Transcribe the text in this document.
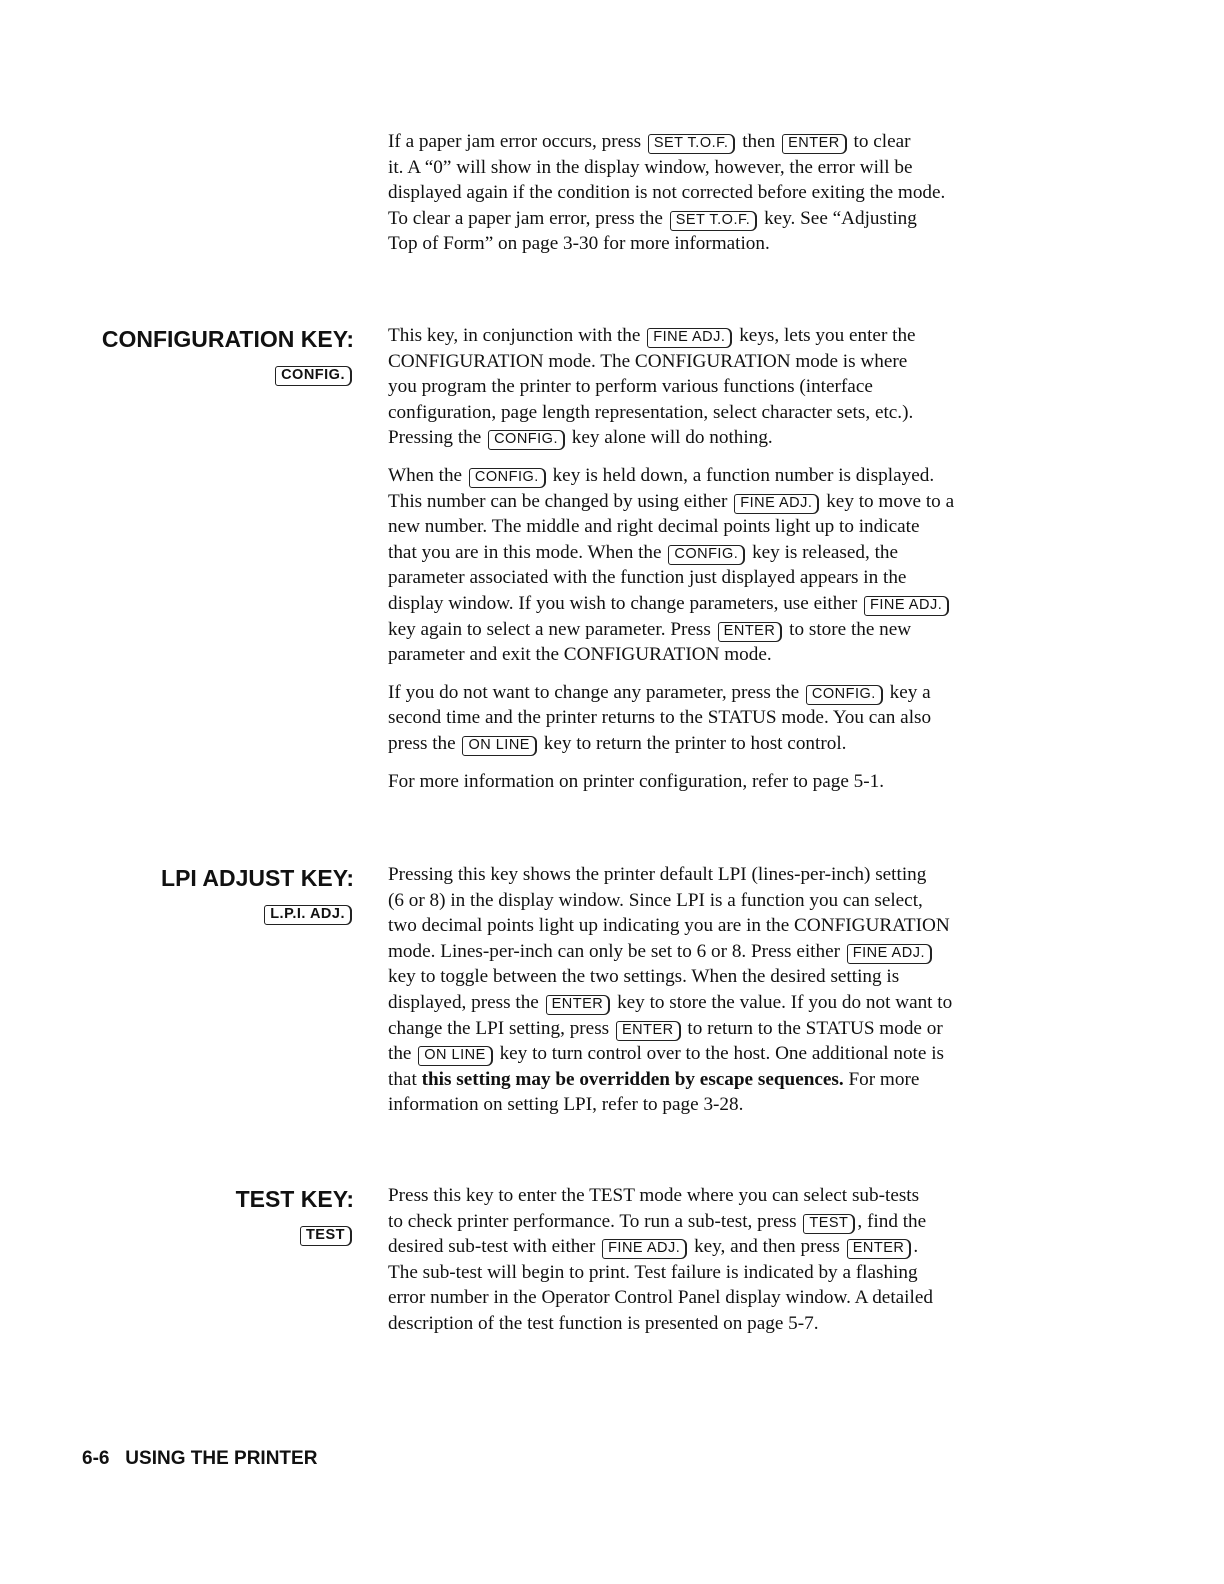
If a paper jam error occurs, press SET T.O.F. then ENTER to clear
it. A “0” will show in the display window, however, the error will be
displayed again if the condition is not corrected before exiting the mode.
To clear a paper jam error, press the SET T.O.F. key. See “Adjusting
Top of Form” on page 3-30 for more information.
CONFIGURATION KEY:
CONFIG.

This key, in conjunction with the FINE ADJ. keys, lets you enter the
CONFIGURATION mode. The CONFIGURATION mode is where
you program the printer to perform various functions (interface
configuration, page length representation, select character sets, etc.).
Pressing the CONFIG. key alone will do nothing.

When the CONFIG. key is held down, a function number is displayed.
This number can be changed by using either FINE ADJ. key to move to a
new number. The middle and right decimal points light up to indicate
that you are in this mode. When the CONFIG. key is released, the
parameter associated with the function just displayed appears in the
display window. If you wish to change parameters, use either FINE ADJ.
key again to select a new parameter. Press ENTER to store the new
parameter and exit the CONFIGURATION mode.

If you do not want to change any parameter, press the CONFIG. key a
second time and the printer returns to the STATUS mode. You can also
press the ON LINE key to return the printer to host control.

For more information on printer configuration, refer to page 5-1.

LPI ADJUST KEY:
L.P.I. ADJ.
Pressing this key shows the printer default LPI (lines-per-inch) setting
(6 or 8) in the display window. Since LPI is a function you can select,
two decimal points light up indicating you are in the CONFIGURATION
mode. Lines-per-inch can only be set to 6 or 8. Press either FINE ADJ.
key to toggle between the two settings. When the desired setting is
displayed, press the ENTER key to store the value. If you do not want to
change the LPI setting, press ENTER to return to the STATUS mode or
the ON LINE key to turn control over to the host. One additional note is
that this setting may be overridden by escape sequences. For more
information on setting LPI, refer to page 3-28.
TEST KEY:
TEST
Press this key to enter the TEST mode where you can select sub-tests
to check printer performance. To run a sub-test, press TEST , find the
desired sub-test with either FINE ADJ. key, and then press ENTER .
The sub-test will begin to print. Test failure is indicated by a flashing
error number in the Operator Control Panel display window. A detailed
description of the test function is presented on page 5-7.
6-6   USING THE PRINTER
